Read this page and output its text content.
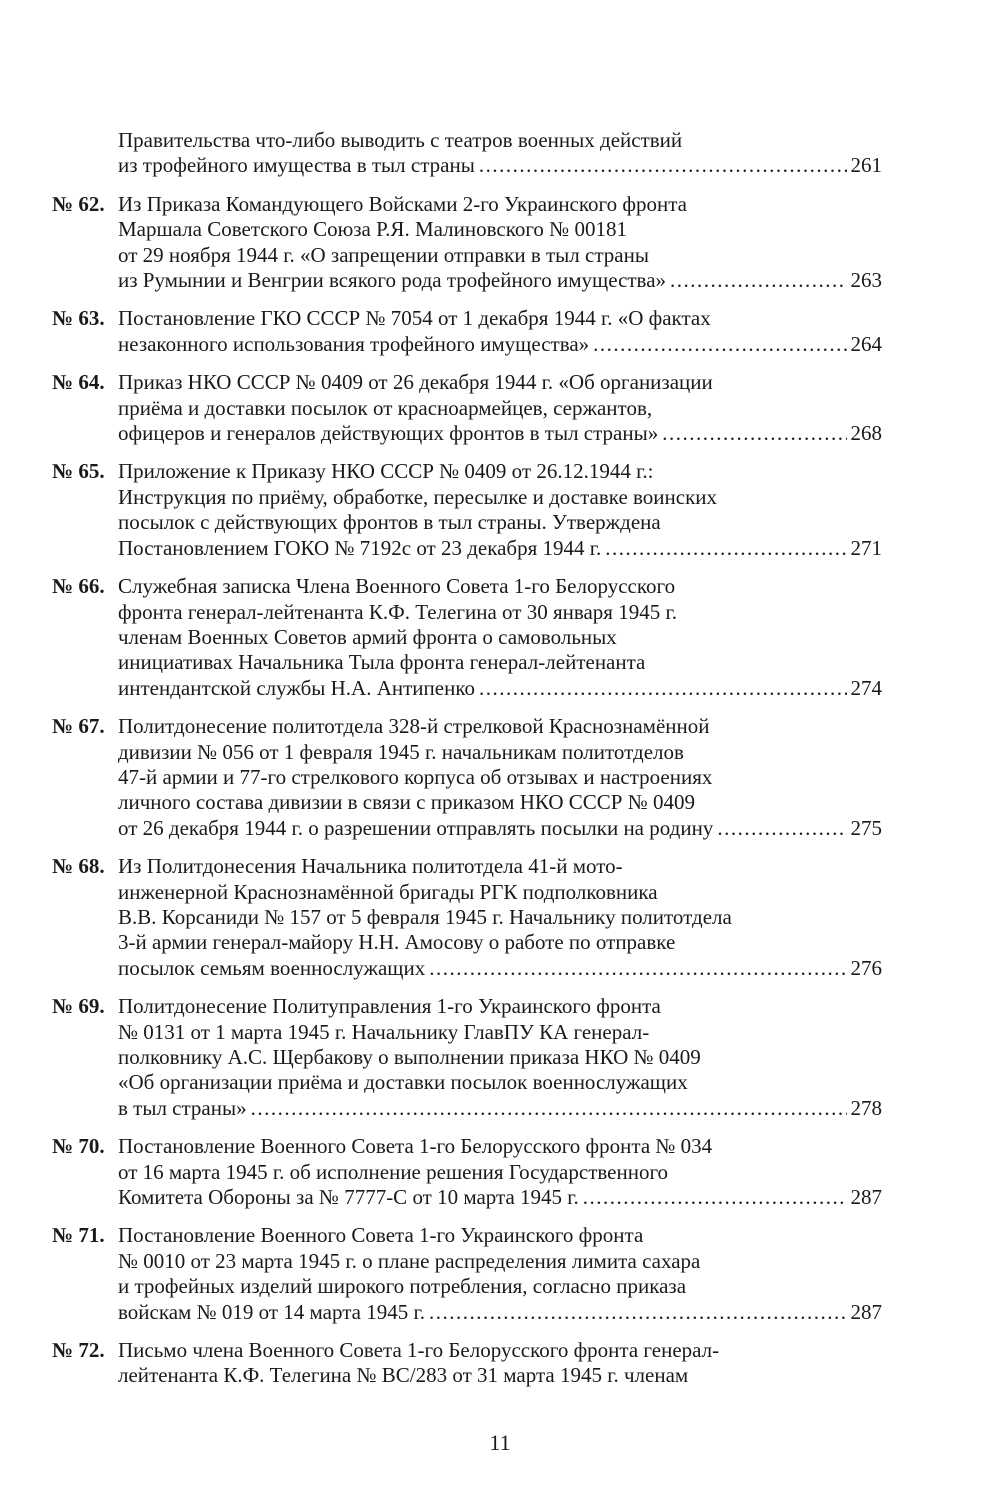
Правительства что-либо выводить с театров военных действий
из трофейного имущества в тыл страны .....	261
№ 62. Из Приказа Командующего Войсками 2-го Украинского фронта
Маршала Советского Союза Р.Я. Малиновского № 00181
от 29 ноября 1944 г. «О запрещении отправки в тыл страны
из Румынии и Венгрии всякого рода трофейного имущества» .....	263
№ 63. Постановление ГКО СССР № 7054 от 1 декабря 1944 г. «О фактах
незаконного использования трофейного имущества» .....	264
№ 64. Приказ НКО СССР № 0409 от 26 декабря 1944 г. «Об организации
приёма и доставки посылок от красноармейцев, сержантов,
офицеров и генералов действующих фронтов в тыл страны» .....	268
№ 65. Приложение к Приказу НКО СССР № 0409 от 26.12.1944 г.:
Инструкция по приёму, обработке, пересылке и доставке воинских
посылок с действующих фронтов в тыл страны. Утверждена
Постановлением ГОКО № 7192с от 23 декабря 1944 г. .....	271
№ 66. Служебная записка Члена Военного Совета 1-го Белорусского
фронта генерал-лейтенанта К.Ф. Телегина от 30 января 1945 г.
членам Военных Советов армий фронта о самовольных
инициативах Начальника Тыла фронта генерал-лейтенанта
интендантской службы Н.А. Антипенко .....	274
№ 67. Политдонесение политотдела 328-й стрелковой Краснознамённой
дивизии № 056 от 1 февраля 1945 г. начальникам политотделов
47-й армии и 77-го стрелкового корпуса об отзывах и настроениях
личного состава дивизии в связи с приказом НКО СССР № 0409
от 26 декабря 1944 г. о разрешении отправлять посылки на родину .....	275
№ 68. Из Политдонесения Начальника политотдела 41-й мото-
инженерной Краснознамённой бригады РГК подполковника
В.В. Корсаниди № 157 от 5 февраля 1945 г. Начальнику политотдела
3-й армии генерал-майору Н.Н. Амосову о работе по отправке
посылок семьям военнослужащих .....	276
№ 69. Политдонесение Политуправления 1-го Украинского фронта
№ 0131 от 1 марта 1945 г. Начальнику ГлавПУ КА генерал-
полковнику А.С. Щербакову о выполнении приказа НКО № 0409
«Об организации приёма и доставки посылок военнослужащих
в тыл страны» .....	278
№ 70. Постановление Военного Совета 1-го Белорусского фронта № 034
от 16 марта 1945 г. об исполнение решения Государственного
Комитета Обороны за № 7777-С от 10 марта 1945 г. .....	287
№ 71. Постановление Военного Совета 1-го Украинского фронта
№ 0010 от 23 марта 1945 г. о плане распределения лимита сахара
и трофейных изделий широкого потребления, согласно приказа
войскам № 019 от 14 марта 1945 г. .....	287
№ 72. Письмо члена Военного Совета 1-го Белорусского фронта генерал-
лейтенанта К.Ф. Телегина № ВС/283 от 31 марта 1945 г. членам
11
